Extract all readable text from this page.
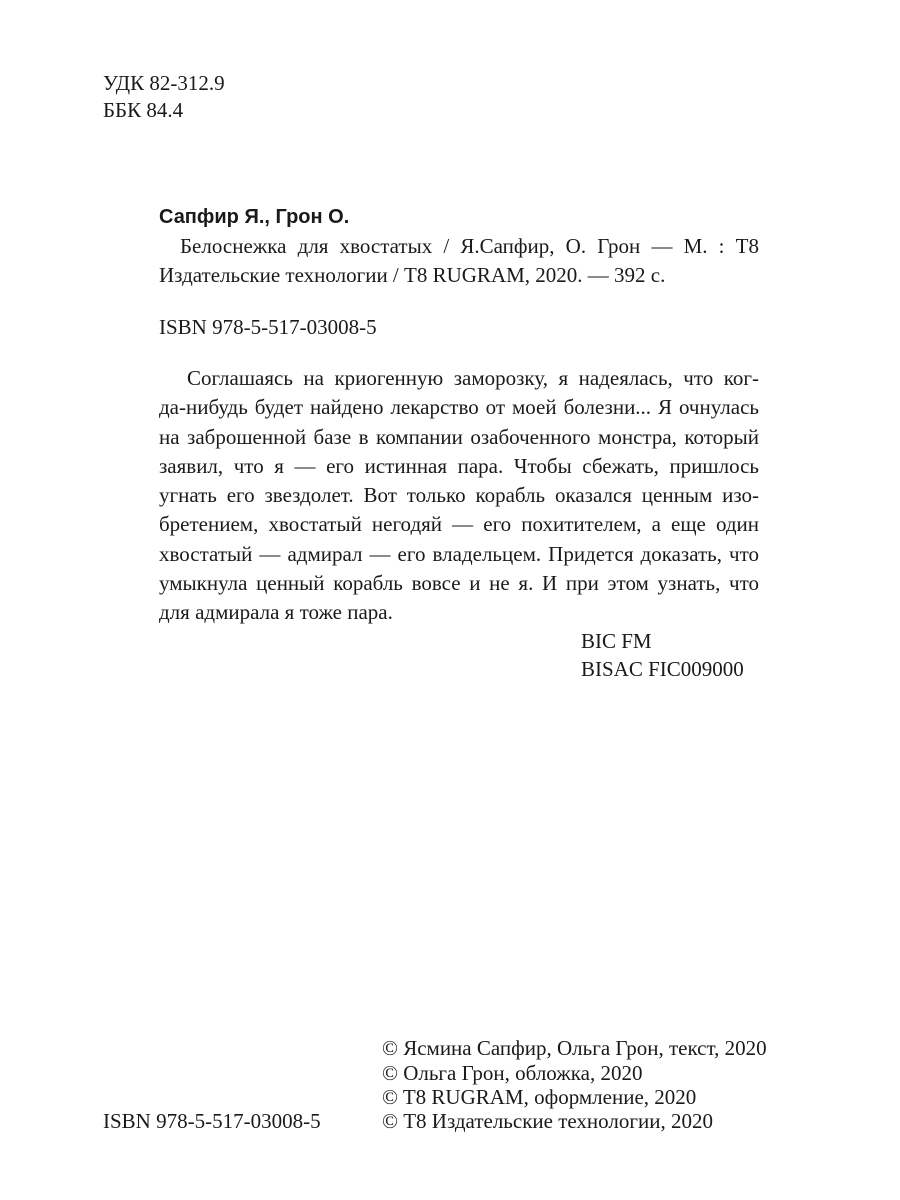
УДК 82-312.9
ББК 84.4
Сапфир Я., Грон О.

Белоснежка для хвостатых / Я.Сапфир, О. Грон — М. : Т8

Издательские технологии / T8 RUGRAM, 2020. — 392 с.

ISBN 978-5-517-03008-5
Соглашаясь на криогенную заморозку, я надеялась, что ког-
да-нибудь будет найдено лекарство от моей болезни... Я очнулась
на заброшенной базе в компании озабоченного монстра, который
заявил, что я — его истинная пара. Чтобы сбежать, пришлось
угнать его звездолет. Вот только корабль оказался ценным изо-
бретением, хвостатый негодяй — его похитителем, а еще один
хвостатый — адмирал — его владельцем. Придется доказать, что
умыкнула ценный корабль вовсе и не я. И при этом узнать, что
для адмирала я тоже пара.
BIC FM
BISAC FIC009000
ISBN 978-5-517-03008-5
© Ясмина Сапфир, Ольга Грон, текст, 2020
© Ольга Грон, обложка, 2020
© T8 RUGRAM, оформление, 2020
© Т8 Издательские технологии, 2020
